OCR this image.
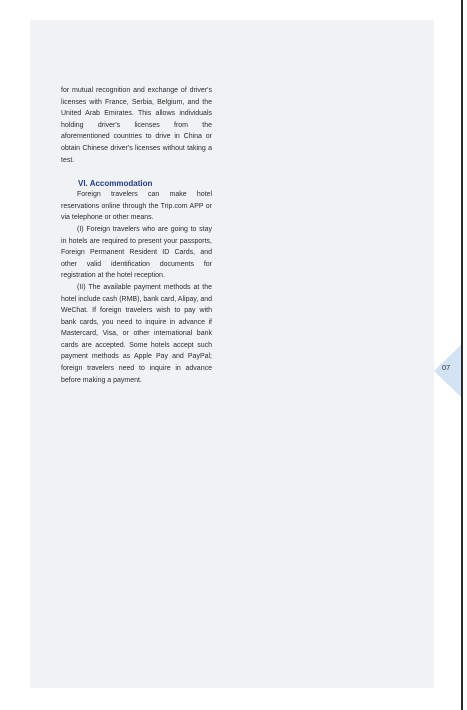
07

for mutual recognition and exchange of driver's licenses with France, Serbia, Belgium, and the United Arab Emirates. This allows individuals holding driver's licenses from the aforementioned countries to drive in China or obtain Chinese driver's licenses without taking a test.

VI. Accommodation

Foreign travelers can make hotel reservations online through the Trip.com APP or via telephone or other means.

(I) Foreign travelers who are going to stay in hotels are required to present your passports, Foreign Permanent Resident ID Cards, and other valid identification documents for registration at the hotel reception.

(II) The available payment methods at the hotel include cash (RMB), bank card, Alipay, and WeChat. If foreign travelers wish to pay with bank cards, you need to inquire in advance if Mastercard, Visa, or other international bank cards are accepted. Some hotels accept such payment methods as Apple Pay and PayPal; foreign travelers need to inquire in advance before making a payment.
